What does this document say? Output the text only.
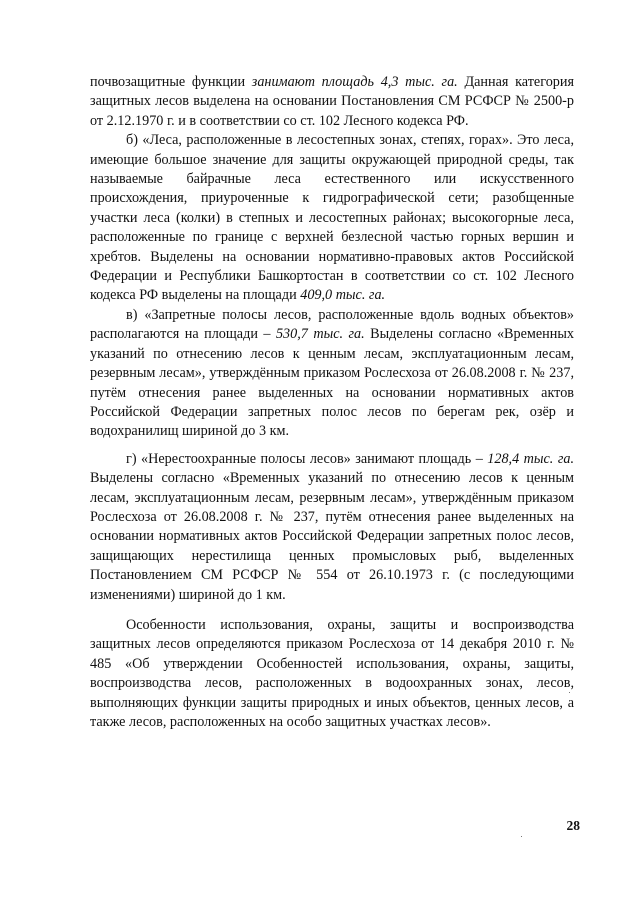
почвозащитные функции занимают площадь 4,3 тыс. га. Данная категория защитных лесов выделена на основании Постановления СМ РСФСР № 2500-р от 2.12.1970 г. и в соответствии со ст. 102 Лесного кодекса РФ.

б) «Леса, расположенные в лесостепных зонах, степях, горах». Это леса, имеющие большое значение для защиты окружающей природной среды, так называемые байрачные леса естественного или искусственного происхождения, приуроченные к гидрографической сети; разобщенные участки леса (колки) в степных и лесостепных районах; высокогорные леса, расположенные по границе с верхней безлесной частью горных вершин и хребтов. Выделены на основании нормативно-правовых актов Российской Федерации и Республики Башкортостан в соответствии со ст. 102 Лесного кодекса РФ выделены на площади 409,0 тыс. га.

в) «Запретные полосы лесов, расположенные вдоль водных объектов» располагаются на площади – 530,7 тыс. га. Выделены согласно «Временных указаний по отнесению лесов к ценным лесам, эксплуатационным лесам, резервным лесам», утверждённым приказом Рослесхоза от 26.08.2008 г. № 237, путём отнесения ранее выделенных на основании нормативных актов Российской Федерации запретных полос лесов по берегам рек, озёр и водохранилищ шириной до 3 км.

г) «Нерестоохранные полосы лесов» занимают площадь – 128,4 тыс. га. Выделены согласно «Временных указаний по отнесению лесов к ценным лесам, эксплуатационным лесам, резервным лесам», утверждённым приказом Рослесхоза от 26.08.2008 г. № 237, путём отнесения ранее выделенных на основании нормативных актов Российской Федерации запретных полос лесов, защищающих нерестилища ценных промысловых рыб, выделенных Постановлением СМ РСФСР № 554 от 26.10.1973 г. (с последующими изменениями) шириной до 1 км.

Особенности использования, охраны, защиты и воспроизводства защитных лесов определяются приказом Рослесхоза от 14 декабря 2010 г. № 485 «Об утверждении Особенностей использования, охраны, защиты, воспроизводства лесов, расположенных в водоохранных зонах, лесов, выполняющих функции защиты природных и иных объектов, ценных лесов, а также лесов, расположенных на особо защитных участках лесов».

28
